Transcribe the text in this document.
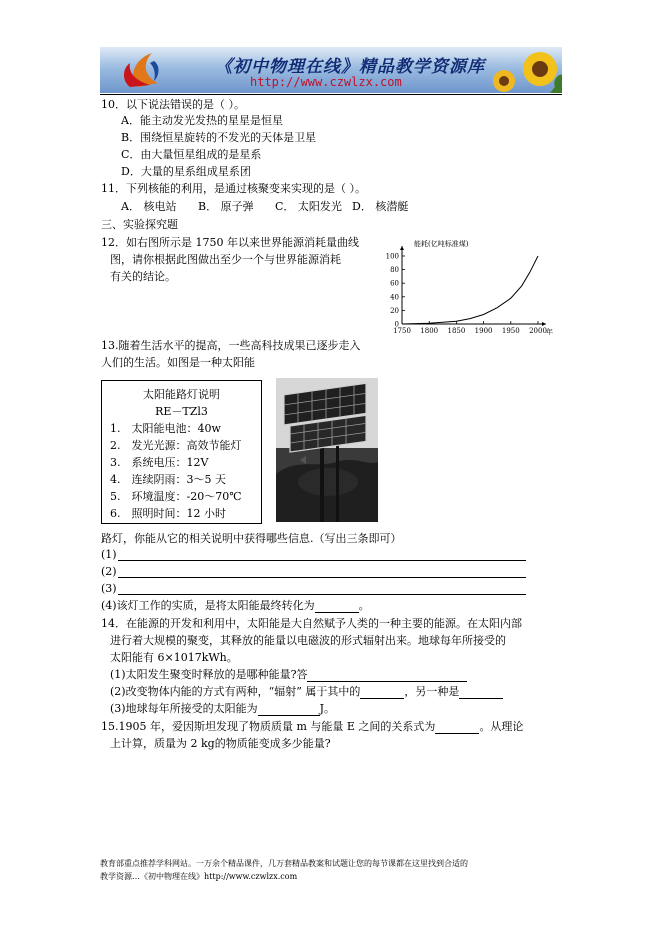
《初中物理在线》精品教学资源库
http://www.czwlzx.com
10．以下说法错误的是（ ）。
A．能主动发光发热的星星是恒星
B．围绕恒星旋转的不发光的天体是卫星
C．由大量恒星组成的是星系
D．大量的星系组成星系团
11．下列核能的利用，是通过核聚变来实现的是（ ）。
A． 核电站 B． 原子弹 C． 太阳发光 D． 核潜艇
三、实验探究题
12．如右图所示是 1750 年以来世界能源消耗量曲线
图，请你根据此图做出至少一个与世界能源消耗
有关的结论。
能耗(亿吨标准煤)
年
0
20
40
60
80
100
1750 1800 1850 1900 1950 2000
13.随着生活水平的提高，一些高科技成果已逐步走入
人们的生活。如图是一种太阳能
太阳能路灯说明
RE－TZl3
1.　太阳能电池：40w
2.　发光光源：高效节能灯
3.　系统电压：12V
4.　连续阴雨：3～5 天
5.　环境温度：-20～70℃
6.　照明时间：12 小时
路灯，你能从它的相关说明中获得哪些信息.（写出三条即可）
(1)
(2)
(3)
(4)该灯工作的实质，是将太阳能最终转化为	。
14．在能源的开发和利用中，太阳能是大自然赋予人类的一种主要的能源。在太阳内部
进行着大规模的聚变，其释放的能量以电磁波的形式辐射出来。地球每年所接受的
太阳能有 6×1017kWh。
(1)太阳发生聚变时释放的是哪种能量?答
(2)改变物体内能的方式有两种，“辐射” 属于其中的	，另一种是
(3)地球每年所接受的太阳能为	J。
15.1905 年，爱因斯坦发现了物质质量 m 与能量 E 之间的关系式为	。从理论
上计算，质量为 2 kg的物质能变成多少能量?
教育部重点推荐学科网站。一万余个精品课件，几万套精品教案和试题让您的每节课都在这里找到合适的
教学资源…《初中物理在线》http://www.czwlzx.com
